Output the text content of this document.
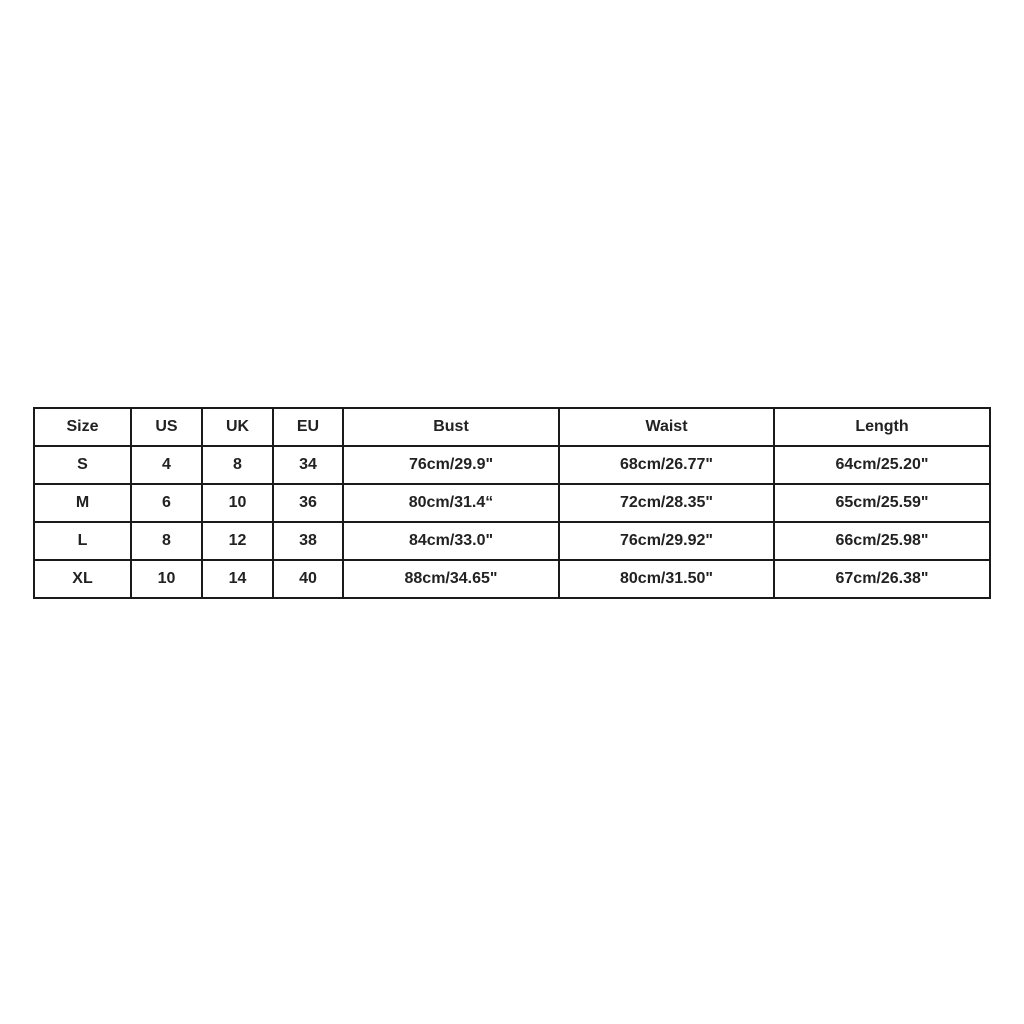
Size	US	UK	EU	Bust	Waist	Length
S	4	8	34	76cm/29.9"	68cm/26.77"	64cm/25.20"
M	6	10	36	80cm/31.4“	72cm/28.35"	65cm/25.59"
L	8	12	38	84cm/33.0"	76cm/29.92"	66cm/25.98"
XL	10	14	40	88cm/34.65"	80cm/31.50"	67cm/26.38"
